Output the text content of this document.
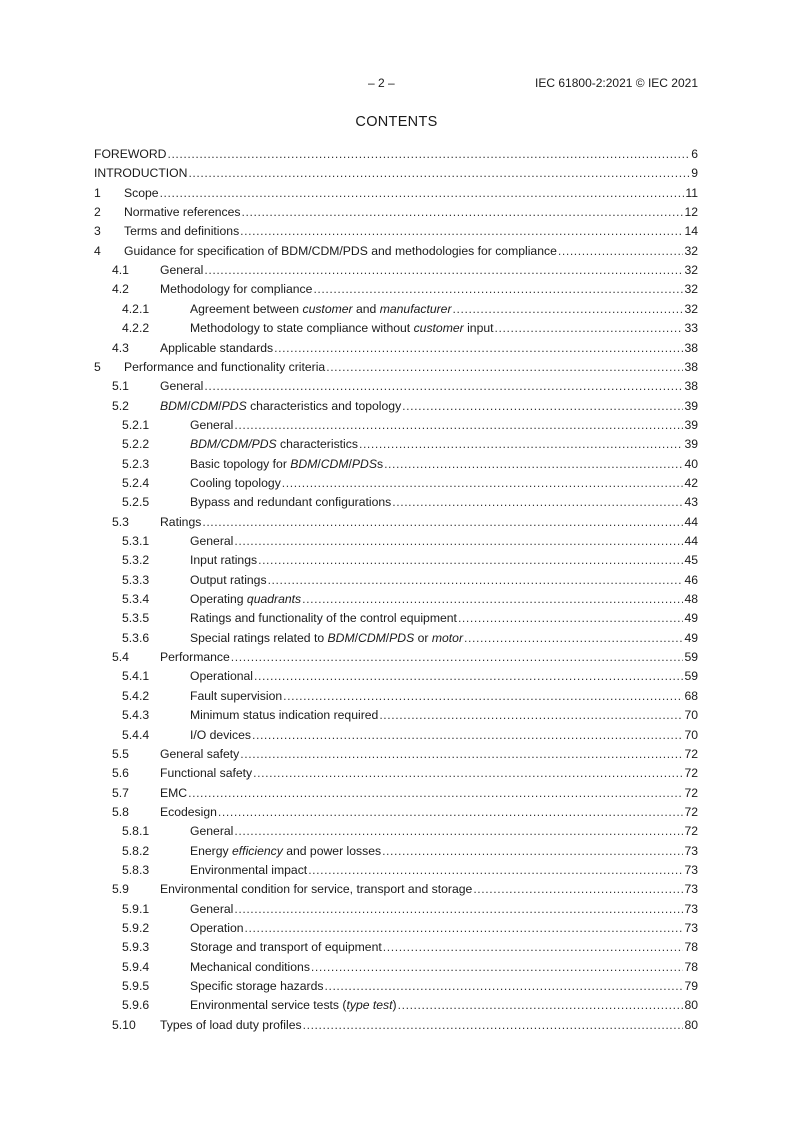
– 2 –	IEC 61800-2:2021 © IEC 2021
CONTENTS
FOREWORD .....	6
INTRODUCTION .....	9
1	Scope .....	11
2	Normative references .....	12
3	Terms and definitions .....	14
4	Guidance for specification of BDM/CDM/PDS and methodologies for compliance .....	32
4.1	General .....	32
4.2	Methodology for compliance .....	32
4.2.1	Agreement between customer and manufacturer .....	32
4.2.2	Methodology to state compliance without customer input .....	33
4.3	Applicable standards .....	38
5	Performance and functionality criteria .....	38
5.1	General .....	38
5.2	BDM/CDM/PDS characteristics and topology .....	39
5.2.1	General .....	39
5.2.2	BDM/CDM/PDS characteristics .....	39
5.2.3	Basic topology for BDM/CDM/PDSs .....	40
5.2.4	Cooling topology .....	42
5.2.5	Bypass and redundant configurations .....	43
5.3	Ratings .....	44
5.3.1	General .....	44
5.3.2	Input ratings .....	45
5.3.3	Output ratings .....	46
5.3.4	Operating quadrants .....	48
5.3.5	Ratings and functionality of the control equipment .....	49
5.3.6	Special ratings related to BDM/CDM/PDS or motor .....	49
5.4	Performance .....	59
5.4.1	Operational .....	59
5.4.2	Fault supervision .....	68
5.4.3	Minimum status indication required .....	70
5.4.4	I/O devices .....	70
5.5	General safety .....	72
5.6	Functional safety .....	72
5.7	EMC .....	72
5.8	Ecodesign .....	72
5.8.1	General .....	72
5.8.2	Energy efficiency and power losses .....	73
5.8.3	Environmental impact .....	73
5.9	Environmental condition for service, transport and storage .....	73
5.9.1	General .....	73
5.9.2	Operation .....	73
5.9.3	Storage and transport of equipment .....	78
5.9.4	Mechanical conditions .....	78
5.9.5	Specific storage hazards .....	79
5.9.6	Environmental service tests (type test) .....	80
5.10	Types of load duty profiles .....	80
